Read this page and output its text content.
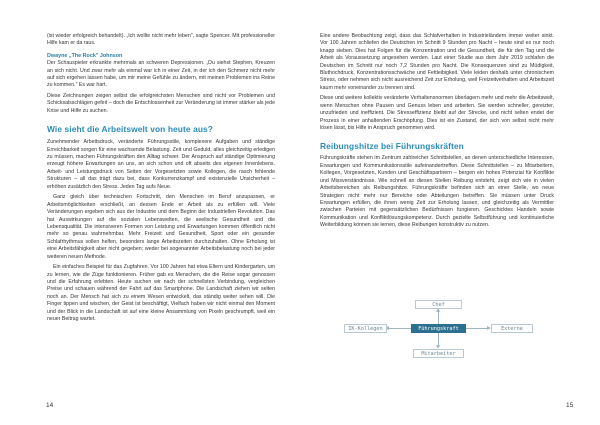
(ist wieder erfolgreich behandelt). „Ich wollte nicht mehr leben", sagte Spencer. Mit professioneller Hilfe kam er da raus.

Dwayne „The Rock" Johnson

Der Schauspieler erkrankte mehrmals an schweren Depressionen. „Du siehst Stephen, Kreuzen an sich nicht. Und zwar mehr als einmal war ich in einer Zeit, in der ich den Schmerz nicht mehr auf sich ergehen lassen habe, um mir meine Gefühle zu ändern, mit meinen Problemen ins Reine zu kommen." Es war hart.

Diese Zeichnungen zeigen selbst die erfolgreichsten Menschen sind nicht vor Problemen und Schicksalsschlägen gefeit – doch die Entschlossenheit zur Veränderung ist immer stärker als jede Krise und Hilfe zu suchen.

Wie sieht die Arbeitswelt von heute aus?

Zunehmender Arbeitsdruck, veränderte Führungsstile, komplexere Aufgaben und ständige Erreichbarkeit sorgen für eine wachsende Belastung. Zeit und Geduld, alles gleichzeitig erledigen zu müssen, machen Führungskräften den Alltag schwer. Der Anspruch auf ständige Optimierung erzeugt höhere Erwartungen an uns, an sich schon und oft abseits des eigenen Innenlebens. Arbeit- und Leistungsdruck von Seiten der Vorgesetzten sowie Kollegen, die rasch fehlende Strukturen – all das trägt dazu bei, dass Konkurrenzkampf und existenzielle Unsicherheit – erhöhen zusätzlich den Stress. Jeden Tag aufs Neue.

Ganz gleich über technischen Fortschritt, den Menschen im Beruf anzupassen, er Arbeitsmöglichkeiten erschließt, an dessen Ende er Arbeit als zu erfüllen will. Viele Veränderungen ergeben sich aus der Industrie und dem Beginn der Industriellen Revolution. Das hat Auswirkungen auf die sozialen Lebenswelten, die seelische Gesundheit und die Lebensqualität. Die intensiveren Formen von Leistung und Erwartungen kommen öffentlich nicht mehr so genau wahrnehmbar. Mehr Freizeit und Gesundheit, Sport oder ein gesunder Schlafrhythmus sollen helfen, besonders lange Arbeitszeiten durchzuhalten. Ohne Erholung ist eine Arbeitsfähigkeit aber nicht gegeben; weder bei sogenannter Arbeitsbelastung noch bei jeder weiteren neuen Methode.

Ein einfaches Beispiel für das Zugfahren. Vor 100 Jahren hat etwa Eltern und Kindergarten, um zu lernen, wie die Züge funktionieren. Früher gab es Menschen, die die Reise sogar genossen und die Erfahrung erlebten. Heute suchen wir nach der schnellsten Verbindung, vergleichen Preise und schauen während der Fahrt auf das Smartphone. Die Landschaft ziehen wir selten noch an. Der Mensch hat sich zu einem Wesen entwickelt, das ständig weiter sehen will. Die Finger tippen und wischen, der Geist ist beschäftigt, Vielfach haben wir nicht einmal den Moment und der Blick in die Landschaft ist auf eine kleine Ansammlung von Pixeln geschrumpft, weil ein neuer Beitrag wartet.

14

Eine andere Beobachtung zeigt, dass das Schlafverhalten in Industrieländern immer weiter sinkt. Vor 100 Jahren schliefen die Deutschen im Schnitt 9 Stunden pro Nacht – heute sind es nur noch knapp sieben. Dies hat Folgen für die Konzentration und die Gesundheit, die für den Tag und die Arbeit als Voraussetzung angesehen werden. Laut einer Studie aus dem Jahr 2019 schlafen die Deutschen im Schnitt nur noch 7,2 Stunden pro Nacht. Die Konsequenzen sind zu Müdigkeit, Bluthochdruck, Konzentrationsschwäche und Fettleibigkeit. Viele leiden deshalb unter chronischem Stress, oder nehmen sich nicht ausreichend Zeit zur Erholung, weil Freizeitverhalten und Arbeitszeit kaum mehr voneinander zu trennen sind.

Diese und weitere kollektiv veränderte Verhaltensnormen überlagern mehr und mehr die Arbeitswelt, wenn Menschen ohne Pausen und Genuss leben und arbeiten. Sie werden schneller, gereizter, unzufrieden und ineffizient. Die Stresseffizienz bleibt auf der Strecke, und nicht selten endet der Prozess in einer anhaltenden Erschöpfung. Dies ist ein Zustand, der sich von selbst nicht mehr lösen lässt, bis Hilfe in Anspruch genommen wird.

Reibungshitze bei Führungskräften

Führungskräfte stehen im Zentrum zahlreicher Schnittstellen, an denen unterschiedliche Interessen, Erwartungen und Kommunikationsstile aufeinandertreffen. Diese Schnittstellen – zu Mitarbeitern, Kollegen, Vorgesetzten, Kunden und Geschäftspartnern – bergen ein hohes Potenzial für Konflikte und Missverständnisse. Wie schnell an diesen Stellen Reibung entsteht, zeigt sich wie in vielen Arbeitsbereichen als Reibungshitze. Führungskräfte befinden sich an einer Stelle, wo neue Strategien nicht mehr nur Bereiche oder Abteilungen betreffen. Sie müssen unter Druck Erwartungen erfüllen, die ihnen wenig Zeit zur Erholung lassen, und gleichzeitig als Vermittler zwischen Parteien mit gegensätzlichen Bedürfnissen fungieren. Geschicktes Handeln sowie Kommunikation und Konfliktlösungskompetenz. Durch gezielte Selbstführung und kontinuierliche Weiterbildung können sie lernen, diese Reibungen konstruktiv zu nutzen.

Chef
IK-Kollegen	Führungskraft	Externe
Mitarbeiter
15
